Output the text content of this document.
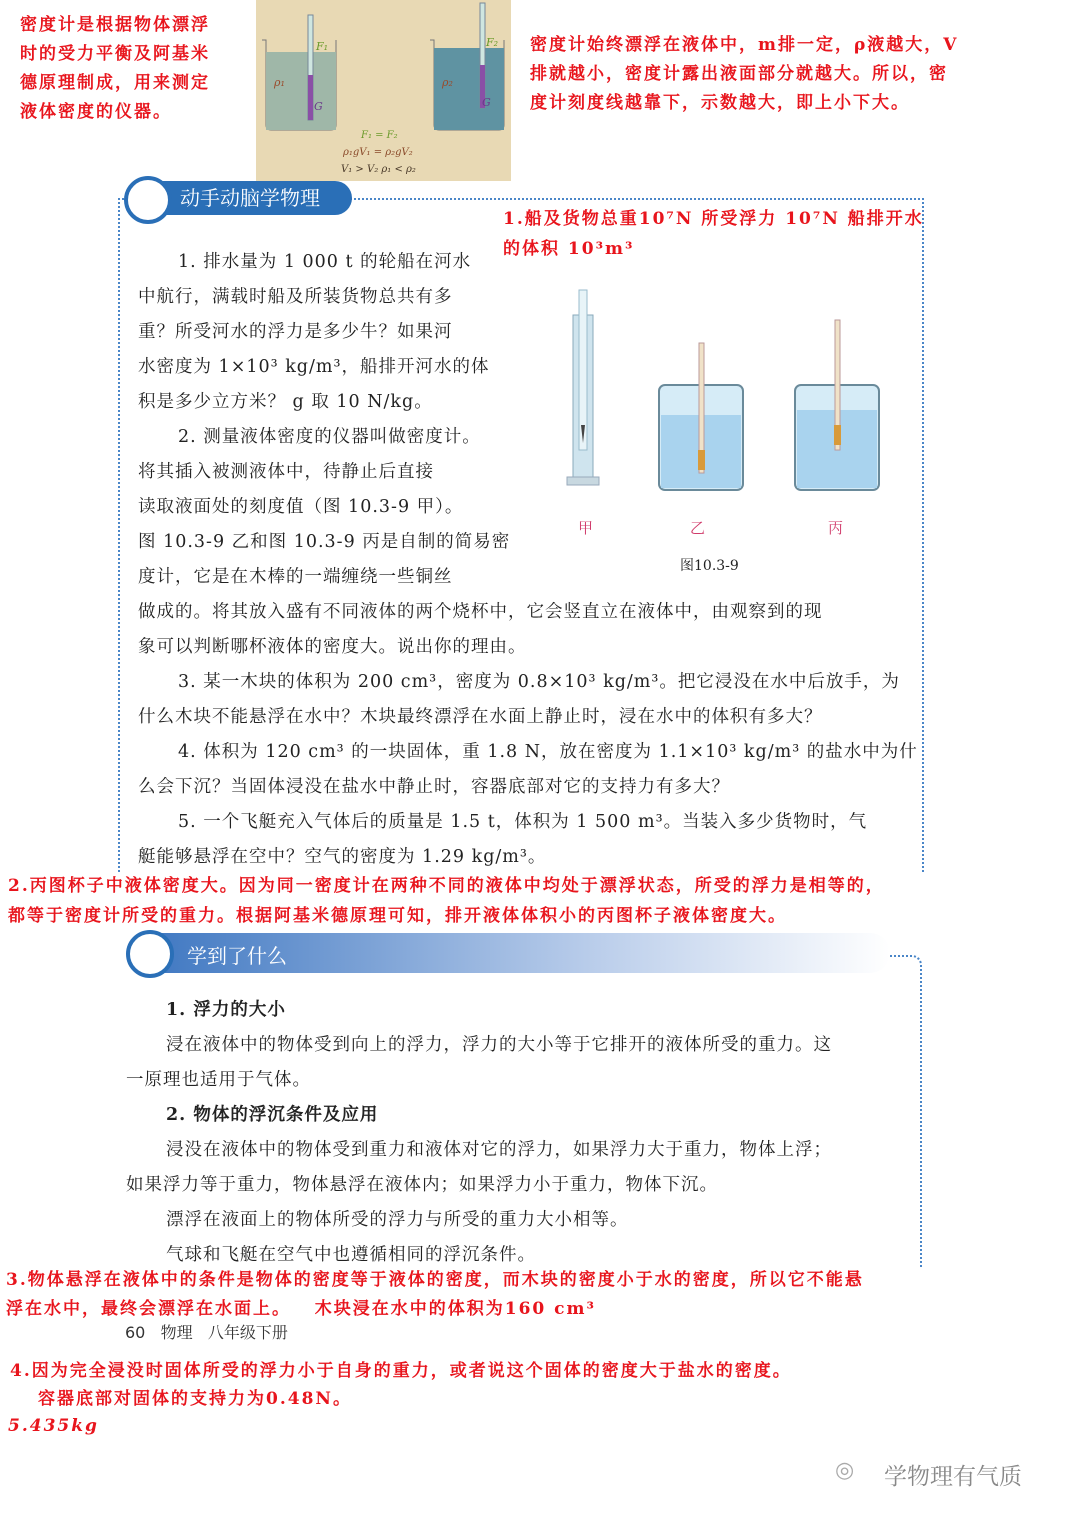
密度计是根据物体漂浮
时的受力平衡及阿基米
德原理制成，用来测定
液体密度的仪器。
F₁	F₂
ρ₁	ρ₂
G	G
F₁ = F₂
ρ₁gV₁ = ρ₂gV₂
V₁ > V₂ ρ₁ < ρ₂
密度计始终漂浮在液体中，m排一定，ρ液越大，V
排就越小，密度计露出液面部分就越大。所以，密
度计刻度线越靠下，示数越大，即上小下大。
动手动脑学物理
1.船及货物总重10⁷N 所受浮力 10⁷N 船排开水
的体积 10³m³
1. 排水量为 1 000 t 的轮船在河水
中航行，满载时船及所装货物总共有多
重？所受河水的浮力是多少牛？如果河
水密度为 1×10³ kg/m³，船排开河水的体
积是多少立方米？ g 取 10 N/kg。
2. 测量液体密度的仪器叫做密度计。
将其插入被测液体中，待静止后直接
读取液面处的刻度值（图 10.3-9 甲）。
图 10.3-9 乙和图 10.3-9 丙是自制的简易密
度计，它是在木棒的一端缠绕一些铜丝
甲	乙	丙
图10.3-9
做成的。将其放入盛有不同液体的两个烧杯中，它会竖直立在液体中，由观察到的现
象可以判断哪杯液体的密度大。说出你的理由。
3. 某一木块的体积为 200 cm³，密度为 0.8×10³ kg/m³。把它浸没在水中后放手，为
什么木块不能悬浮在水中？木块最终漂浮在水面上静止时，浸在水中的体积有多大？
4. 体积为 120 cm³ 的一块固体，重 1.8 N，放在密度为 1.1×10³ kg/m³ 的盐水中为什
么会下沉？当固体浸没在盐水中静止时，容器底部对它的支持力有多大？
5. 一个飞艇充入气体后的质量是 1.5 t，体积为 1 500 m³。当装入多少货物时，气
艇能够悬浮在空中？空气的密度为 1.29 kg/m³。
2.丙图杯子中液体密度大。因为同一密度计在两种不同的液体中均处于漂浮状态，所受的浮力是相等的，
都等于密度计所受的重力。根据阿基米德原理可知，排开液体体积小的丙图杯子液体密度大。
学到了什么
1. 浮力的大小
浸在液体中的物体受到向上的浮力，浮力的大小等于它排开的液体所受的重力。这
一原理也适用于气体。
2. 物体的浮沉条件及应用
浸没在液体中的物体受到重力和液体对它的浮力，如果浮力大于重力，物体上浮；
如果浮力等于重力，物体悬浮在液体内；如果浮力小于重力，物体下沉。
漂浮在液面上的物体所受的浮力与所受的重力大小相等。
气球和飞艇在空气中也遵循相同的浮沉条件。
3.物体悬浮在液体中的条件是物体的密度等于液体的密度，而木块的密度小于水的密度，所以它不能悬
浮在水中，最终会漂浮在水面上。   木块浸在水中的体积为160 cm³
60   物理   八年级下册
4.因为完全浸没时固体所受的浮力小于自身的重力，或者说这个固体的密度大于盐水的密度。
容器底部对固体的支持力为0.48N。
5.435kg
◎ 学物理有气质
